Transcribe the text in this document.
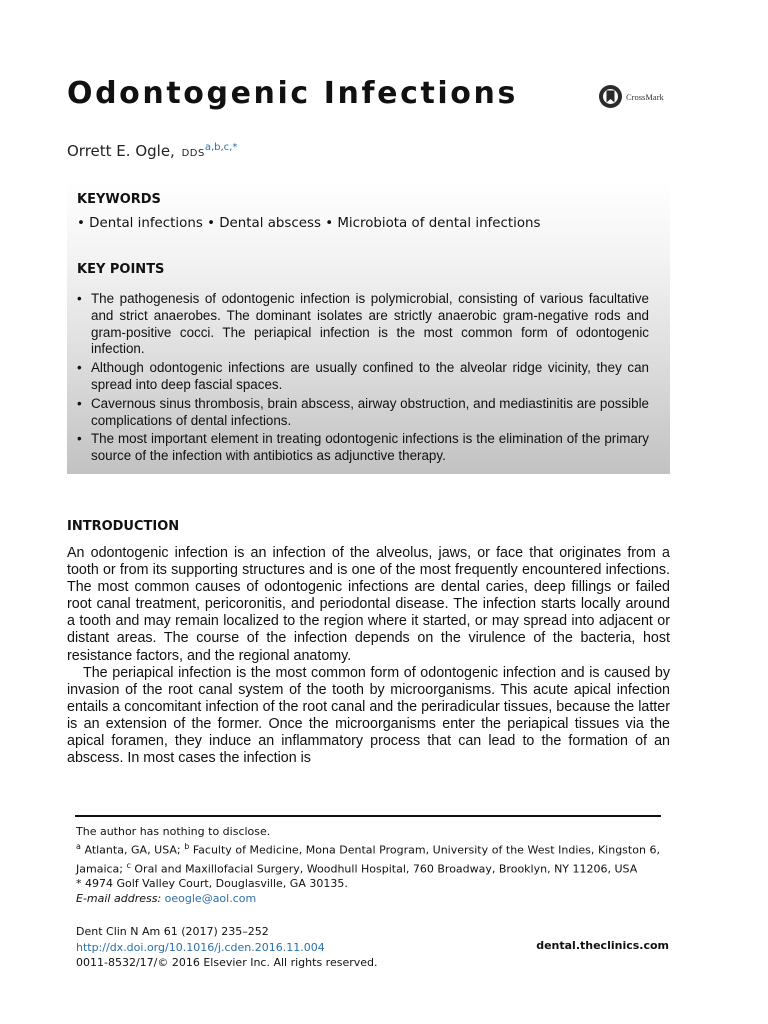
Odontogenic Infections	CrossMark
Orrett E. Ogle, $DDS^{a,b,c,*}$
KEYWORDS
• Dental infections • Dental abscess • Microbiota of dental infections
KEY POINTS
• The pathogenesis of odontogenic infection is polymicrobial, consisting of various facultative and strict anaerobes. The dominant isolates are strictly anaerobic gram-negative rods and gram-positive cocci. The periapical infection is the most common form of odontogenic infection.
• Although odontogenic infections are usually confined to the alveolar ridge vicinity, they can spread into deep fascial spaces.
• Cavernous sinus thrombosis, brain abscess, airway obstruction, and mediastinitis are possible complications of dental infections.
• The most important element in treating odontogenic infections is the elimination of the primary source of the infection with antibiotics as adjunctive therapy.
INTRODUCTION

An odontogenic infection is an infection of the alveolus, jaws, or face that originates from a tooth or from its supporting structures and is one of the most frequently encountered infections. The most common causes of odontogenic infections are dental caries, deep fillings or failed root canal treatment, pericoronitis, and periodontal disease. The infection starts locally around a tooth and may remain localized to the region where it started, or may spread into adjacent or distant areas. The course of the infection depends on the virulence of the bacteria, host resistance factors, and the regional anatomy.

The periapical infection is the most common form of odontogenic infection and is caused by invasion of the root canal system of the tooth by microorganisms. This acute apical infection entails a concomitant infection of the root canal and the periradicular tissues, because the latter is an extension of the former. Once the microorganisms enter the periapical tissues via the apical foramen, they induce an inflammatory process that can lead to the formation of an abscess. In most cases the infection is

The author has nothing to disclose.

$^a$ Atlanta, GA, USA; $^b$ Faculty of Medicine, Mona Dental Program, University of the West Indies, Kingston 6, Jamaica; $^c$ Oral and Maxillofacial Surgery, Woodhull Hospital, 760 Broadway, Brooklyn, NY 11206, USA

* 4974 Golf Valley Court, Douglasville, GA 30135.

E-mail address: oeogle@aol.com

Dent Clin N Am 61 (2017) 235–252
http://dx.doi.org/10.1016/j.cden.2016.11.004
0011-8532/17/© 2016 Elsevier Inc. All rights reserved.
dental.theclinics.com
